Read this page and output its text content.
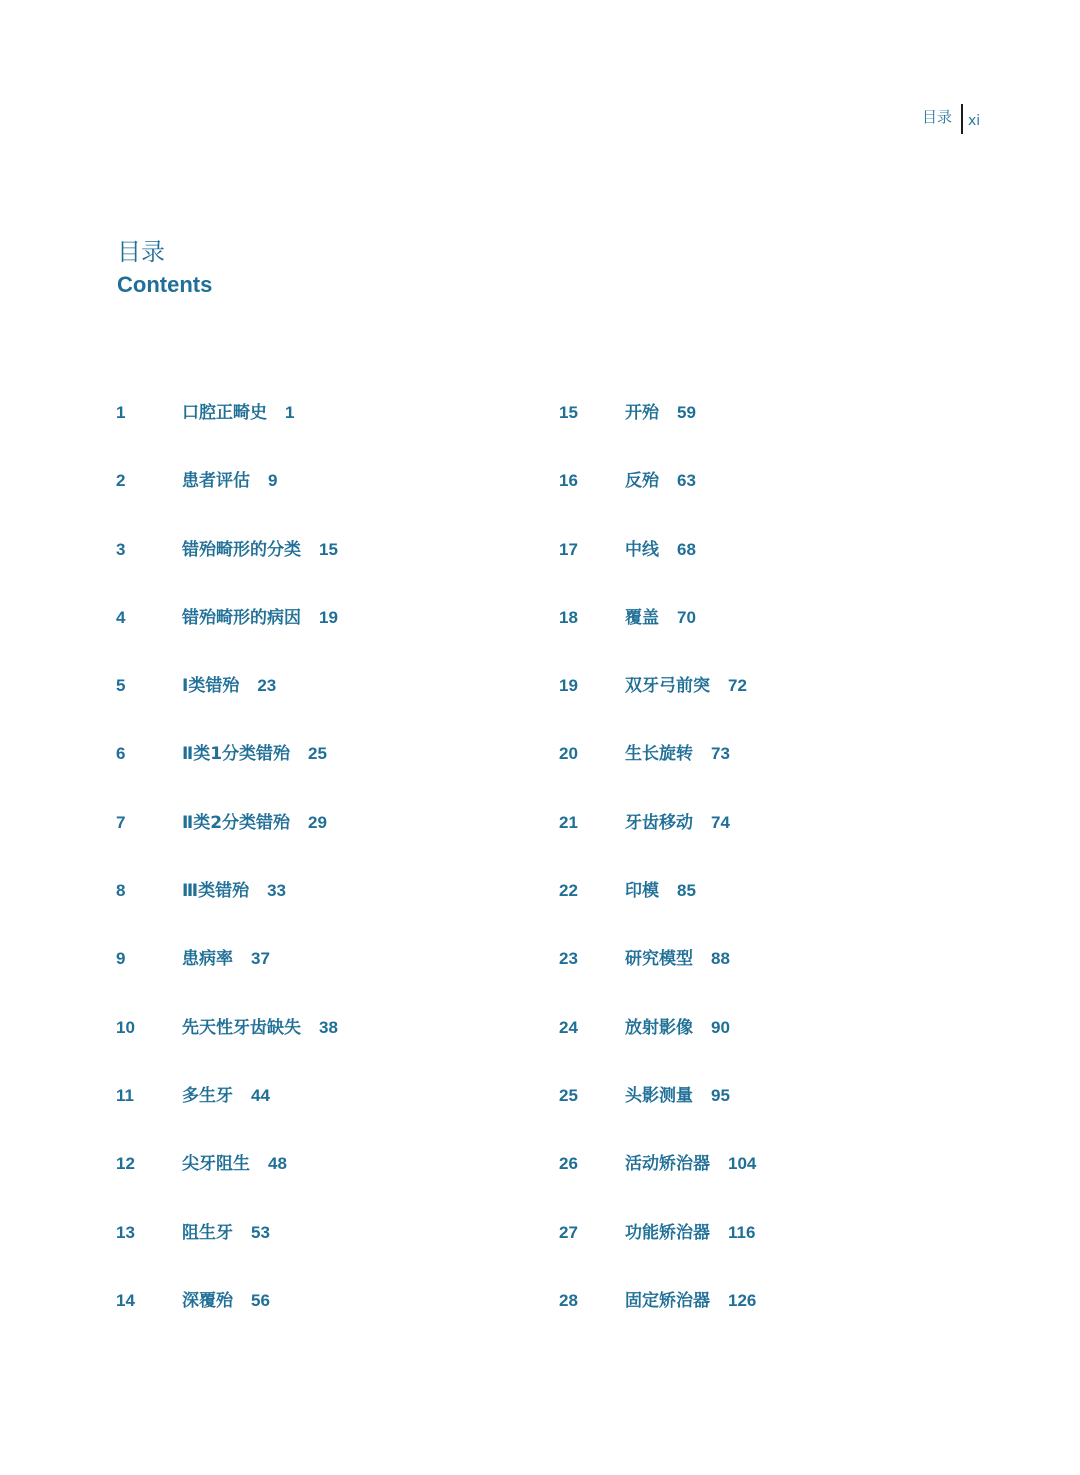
目录 xi
目录
Contents
1	口腔正畸史 1
2	患者评估 9
3	错殆畸形的分类 15
4	错殆畸形的病因 19
5	Ⅰ类错殆 23
6	Ⅱ类1分类错殆 25
7	Ⅱ类2分类错殆 29
8	Ⅲ类错殆 33
9	患病率 37
10	先天性牙齿缺失 38
11	多生牙 44
12	尖牙阻生 48
13	阻生牙 53
14	深覆殆 56
15	开殆 59
16	反殆 63
17	中线 68
18	覆盖 70
19	双牙弓前突 72
20	生长旋转 73
21	牙齿移动 74
22	印模 85
23	研究模型 88
24	放射影像 90
25	头影测量 95
26	活动矫治器 104
27	功能矫治器 116
28	固定矫治器 126
